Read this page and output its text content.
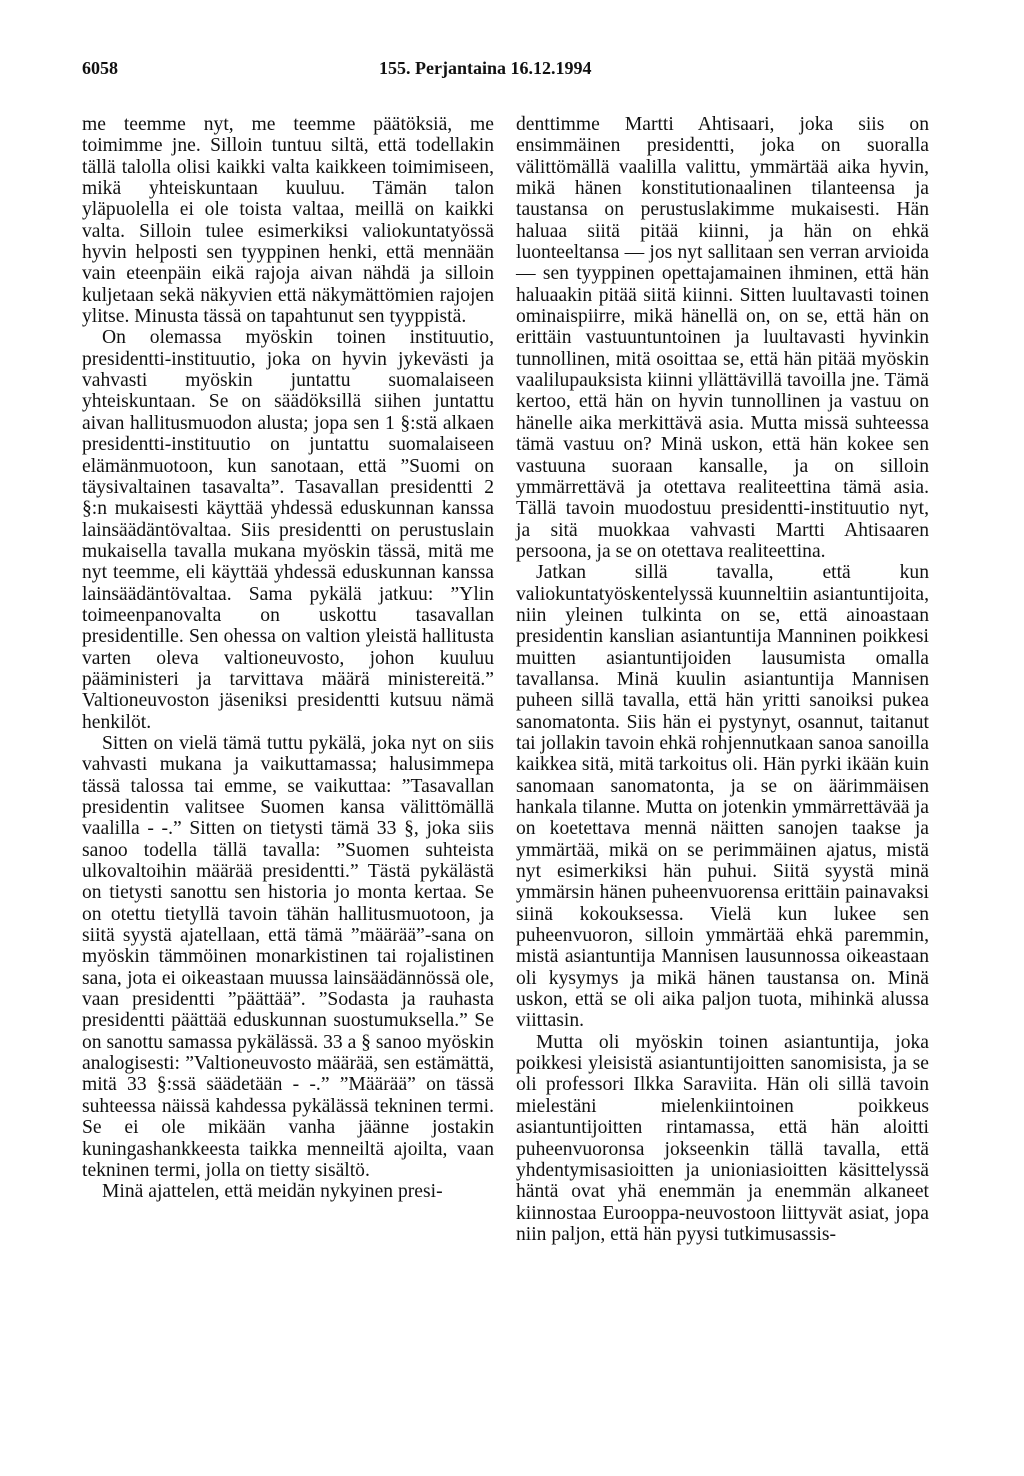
6058	155. Perjantaina 16.12.1994

me teemme nyt, me teemme päätöksiä, me toimimme jne. Silloin tuntuu siltä, että todellakin tällä talolla olisi kaikki valta kaikkeen toimimiseen, mikä yhteiskuntaan kuuluu. Tämän talon yläpuolella ei ole toista valtaa, meillä on kaikki valta. Silloin tulee esimerkiksi valiokuntatyössä hyvin helposti sen tyyppinen henki, että mennään vain eteenpäin eikä rajoja aivan nähdä ja silloin kuljetaan sekä näkyvien että näkymättömien rajojen ylitse. Minusta tässä on tapahtunut sen tyyppistä.

On olemassa myöskin toinen instituutio, presidentti-instituutio, joka on hyvin jykevästi ja vahvasti myöskin juntattu suomalaiseen yhteiskuntaan. Se on säädöksillä siihen juntattu aivan hallitusmuodon alusta; jopa sen 1 §:stä alkaen presidentti-instituutio on juntattu suomalaiseen elämänmuotoon, kun sanotaan, että ”Suomi on täysivaltainen tasavalta”. Tasavallan presidentti 2 §:n mukaisesti käyttää yhdessä eduskunnan kanssa lainsäädäntövaltaa. Siis presidentti on perustuslain mukaisella tavalla mukana myöskin tässä, mitä me nyt teemme, eli käyttää yhdessä eduskunnan kanssa lainsäädäntövaltaa. Sama pykälä jatkuu: ”Ylin toimeenpanovalta on uskottu tasavallan presidentille. Sen ohessa on valtion yleistä hallitusta varten oleva valtioneuvosto, johon kuuluu pääministeri ja tarvittava määrä ministereitä.” Valtioneuvoston jäseniksi presidentti kutsuu nämä henkilöt.

Sitten on vielä tämä tuttu pykälä, joka nyt on siis vahvasti mukana ja vaikuttamassa; halusimmepa tässä talossa tai emme, se vaikuttaa: ”Tasavallan presidentin valitsee Suomen kansa välittömällä vaalilla - -.” Sitten on tietysti tämä 33 §, joka siis sanoo todella tällä tavalla: ”Suomen suhteista ulkovaltoihin määrää presidentti.” Tästä pykälästä on tietysti sanottu sen historia jo monta kertaa. Se on otettu tietyllä tavoin tähän hallitusmuotoon, ja siitä syystä ajatellaan, että tämä ”määrää”-sana on myöskin tämmöinen monarkistinen tai rojalistinen sana, jota ei oikeastaan muussa lainsäädännössä ole, vaan presidentti ”päättää”. ”Sodasta ja rauhasta presidentti päättää eduskunnan suostumuksella.” Se on sanottu samassa pykälässä. 33 a § sanoo myöskin analogisesti: ”Valtioneuvosto määrää, sen estämättä, mitä 33 §:ssä säädetään - -.” ”Määrää” on tässä suhteessa näissä kahdessa pykälässä tekninen termi. Se ei ole mikään vanha jäänne jostakin kuningashankkeesta taikka menneiltä ajoilta, vaan tekninen termi, jolla on tietty sisältö.

Minä ajattelen, että meidän nykyinen presi-

denttimme Martti Ahtisaari, joka siis on ensimmäinen presidentti, joka on suoralla välittömällä vaalilla valittu, ymmärtää aika hyvin, mikä hänen konstitutionaalinen tilanteensa ja taustansa on perustuslakimme mukaisesti. Hän haluaa siitä pitää kiinni, ja hän on ehkä luonteeltansa — jos nyt sallitaan sen verran arvioida — sen tyyppinen opettajamainen ihminen, että hän haluaakin pitää siitä kiinni. Sitten luultavasti toinen ominaispiirre, mikä hänellä on, on se, että hän on erittäin vastuuntuntoinen ja luultavasti hyvinkin tunnollinen, mitä osoittaa se, että hän pitää myöskin vaalilupauksista kiinni yllättävillä tavoilla jne. Tämä kertoo, että hän on hyvin tunnollinen ja vastuu on hänelle aika merkittävä asia. Mutta missä suhteessa tämä vastuu on? Minä uskon, että hän kokee sen vastuuna suoraan kansalle, ja on silloin ymmärrettävä ja otettava realiteettina tämä asia. Tällä tavoin muodostuu presidentti-instituutio nyt, ja sitä muokkaa vahvasti Martti Ahtisaaren persoona, ja se on otettava realiteettina.

Jatkan sillä tavalla, että kun valiokuntatyöskentelyssä kuunneltiin asiantuntijoita, niin yleinen tulkinta on se, että ainoastaan presidentin kanslian asiantuntija Manninen poikkesi muitten asiantuntijoiden lausumista omalla tavallansa. Minä kuulin asiantuntija Mannisen puheen sillä tavalla, että hän yritti sanoiksi pukea sanomatonta. Siis hän ei pystynyt, osannut, taitanut tai jollakin tavoin ehkä rohjennutkaan sanoa sanoilla kaikkea sitä, mitä tarkoitus oli. Hän pyrki ikään kuin sanomaan sanomatonta, ja se on äärimmäisen hankala tilanne. Mutta on jotenkin ymmärrettävää ja on koetettava mennä näitten sanojen taakse ja ymmärtää, mikä on se perimmäinen ajatus, mistä nyt esimerkiksi hän puhui. Siitä syystä minä ymmärsin hänen puheenvuorensa erittäin painavaksi siinä kokouksessa. Vielä kun lukee sen puheenvuoron, silloin ymmärtää ehkä paremmin, mistä asiantuntija Mannisen lausunnossa oikeastaan oli kysymys ja mikä hänen taustansa on. Minä uskon, että se oli aika paljon tuota, mihinkä alussa viittasin.

Mutta oli myöskin toinen asiantuntija, joka poikkesi yleisistä asiantuntijoitten sanomisista, ja se oli professori Ilkka Saraviita. Hän oli sillä tavoin mielestäni mielenkiintoinen poikkeus asiantuntijoitten rintamassa, että hän aloitti puheenvuoronsa jokseenkin tällä tavalla, että yhdentymisasioitten ja unioniasioitten käsittelyssä häntä ovat yhä enemmän ja enemmän alkaneet kiinnostaa Eurooppa-neuvostoon liittyvät asiat, jopa niin paljon, että hän pyysi tutkimusassis-
